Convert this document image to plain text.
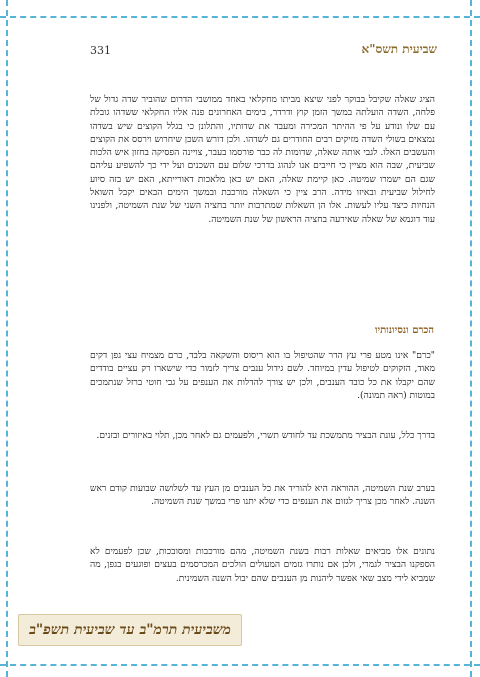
331	שביעית תשס"א

הציג שאלה שקיבל בבוקר לפני שיצא מביתו מחקלאי באחד ממושבי הדרום שהוביר שדה גדול של פלחה, השדה הועלתה במשך הזמן קוץ ודרדר, בימים האחרונים פנה אליו החקלאי ששדהו גובלת עם שלו ונודע על פי ההיתר המכירה ומעבד את שדותיו, והתלונן כי בגלל הקוצים שיש בשדהו נמצאים בשולי השדה מזיקים רבים החודרים גם לשדהו. ולכן דורש השכן שיחרוש וירסס את הקוצים והעשבים האלו. לגבי אותה שאלה, שדומות לה כבר פורסמו בעבר, צויינה הפסיקה בחזון איש הלכות שביעית, שבה הוא מציין כי חייבים אנו לנהוג בדרכי שלום עם השכנים ועל ידי כך להשפיע עליהם שגם הם ישמרו שמיטה. כאן קיימת שאלה, האם יש כאן מלאכות דאורייתא, האם יש בזה סיוע לחילול שביעית ובאיזו מידה. הרב ציין כי השאלה מורכבת ובמשך הימים הבאים יקבל השואל הנחיות כיצד עליו לעשות. אלו הן השאלות שמתרבות יותר בחציה השני של שנת השמיטה, ולפנינו עוד דוגמא של שאלה שאירעה בחציה הראשון של שנת השמיטה.

הכרם ונסיונותיו

"כרם" אינו מטע פרי עץ הדר שהטיפול בו הוא ריסוס והשקאה בלבד, כרם מצמיח עצי גפן דקים מאוד, הזקוקים לטיפול עדין במיוחד. לשם גידול ענבים צריך לזמור כדי שישארו רק עציים בודדים שהם יקבלו את כל כובד הענבים, ולכן יש צורך להדלות את הענפים על גבי חוטי ברזל שנתמכים במוטות (ראה תמונה).

בדרך כלל, עונת הבציר מתמשכת עד לחודש תשרי, ולפעמים גם לאחר מכן, תלוי באיזורים ובזנים.

בערב שנת השמיטה, ההוראה היא להוריד את כל הענבים מן העץ עד לשלושה שבועות קודם ראש השנה. לאחר מכן צריך לגזום את הענפים כדי שלא יתנו פרי במשך שנת השמיטה.

נתונים אלו מביאים שאלות רבות בשנת השמיטה, מהם מורכבות ומסובכות, שכן לפעמים לא הספקנו הבציר לגמרי, ולכן אם נותרו גזמים המעולים הולכים המכרסמים בעצים ופוגעים בגפן, מה שמביא לידי מצב שאי אפשר ליהנות מן הענבים שהם יבול השנה השמינית.

משביעית תרמ"ב עד שביעית תשפ"ב
